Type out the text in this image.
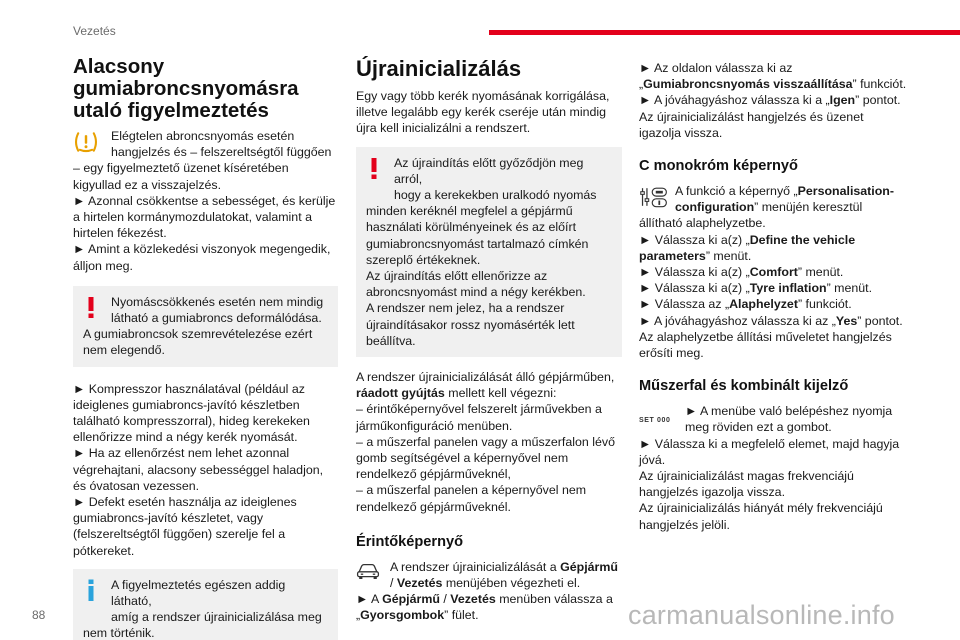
Vezetés
Alacsony
gumiabroncsnyomásra
utaló figyelmeztetés

Elégtelen abroncsnyomás esetén

hangjelzés és – felszereltségtől függően

– egy figyelmeztető üzenet kíséretében kigyullad ez a visszajelzés.

► Azonnal csökkentse a sebességet, és kerülje a hirtelen kormánymozdulatokat, valamint a hirtelen fékezést.

► Amint a közlekedési viszonyok megengedik, álljon meg.

Nyomáscsökkenés esetén nem mindig

látható a gumiabroncs deformálódása.

A gumiabroncsok szemrevételezése ezért nem elegendő.

► Kompresszor használatával (például az ideiglenes gumiabroncs-javító készletben található kompresszorral), hideg kerekeken ellenőrizze mind a négy kerék nyomását.

► Ha az ellenőrzést nem lehet azonnal végrehajtani, alacsony sebességgel haladjon, és óvatosan vezessen.

► Defekt esetén használja az ideiglenes gumiabroncs-javító készletet, vagy (felszereltségtől függően) szerelje fel a pótkereket.

A figyelmeztetés egészen addig látható,

amíg a rendszer újrainicializálása meg

nem történik.

Újrainicializálás

Egy vagy több kerék nyomásának korrigálása, illetve legalább egy kerék cseréje után mindig újra kell inicializálni a rendszert.

Az újraindítás előtt győződjön meg arról,

hogy a kerekekben uralkodó nyomás

minden keréknél megfelel a gépjármű használati körülményeinek és az előírt gumiabroncsnyomást tartalmazó címkén szereplő értékeknek.

Az újraindítás előtt ellenőrizze az abroncsnyomást mind a négy kerékben.

A rendszer nem jelez, ha a rendszer újraindításakor rossz nyomásérték lett beállítva.

A rendszer újrainicializálását álló gépjárműben,
ráadott gyújtás mellett kell végezni:

– érintőképernyővel felszerelt járművekben a járműkonfiguráció menüben.

– a műszerfal panelen vagy a műszerfalon lévő gomb segítségével a képernyővel nem rendelkező gépjárműveknél,

– a műszerfal panelen a képernyővel nem rendelkező gépjárműveknél.

Érintőképernyő

A rendszer újrainicializálását a Gépjármű / Vezetés menüjében végezheti el.

► A Gépjármű / Vezetés menüben válassza a „Gyorsgombok” fület.

► Az oldalon válassza ki az „Gumiabroncsnyomás visszaállítása” funkciót.

► A jóváhagyáshoz válassza ki a „Igen” pontot.

Az újrainicializálást hangjelzés és üzenet igazolja vissza.

C monokróm képernyő

A funkció a képernyő „Personalisation-configuration” menüjén keresztül állítható alaphelyzetbe.

► Válassza ki a(z) „Define the vehicle parameters” menüt.

► Válassza ki a(z) „Comfort” menüt.

► Válassza ki a(z) „Tyre inflation” menüt.

► Válassza az „Alaphelyzet” funkciót.

► A jóváhagyáshoz válassza ki az „Yes” pontot.

Az alaphelyzetbe állítási műveletet hangjelzés erősíti meg.

Műszerfal és kombinált kijelző
SET 000

► A menübe való belépéshez nyomja meg röviden ezt a gombot.

► Válassza ki a megfelelő elemet, majd hagyja jóvá.

Az újrainicializálást magas frekvenciájú hangjelzés igazolja vissza.

Az újrainicializálás hiányát mély frekvenciájú hangjelzés jelöli.

88	carmanualsonline.info
